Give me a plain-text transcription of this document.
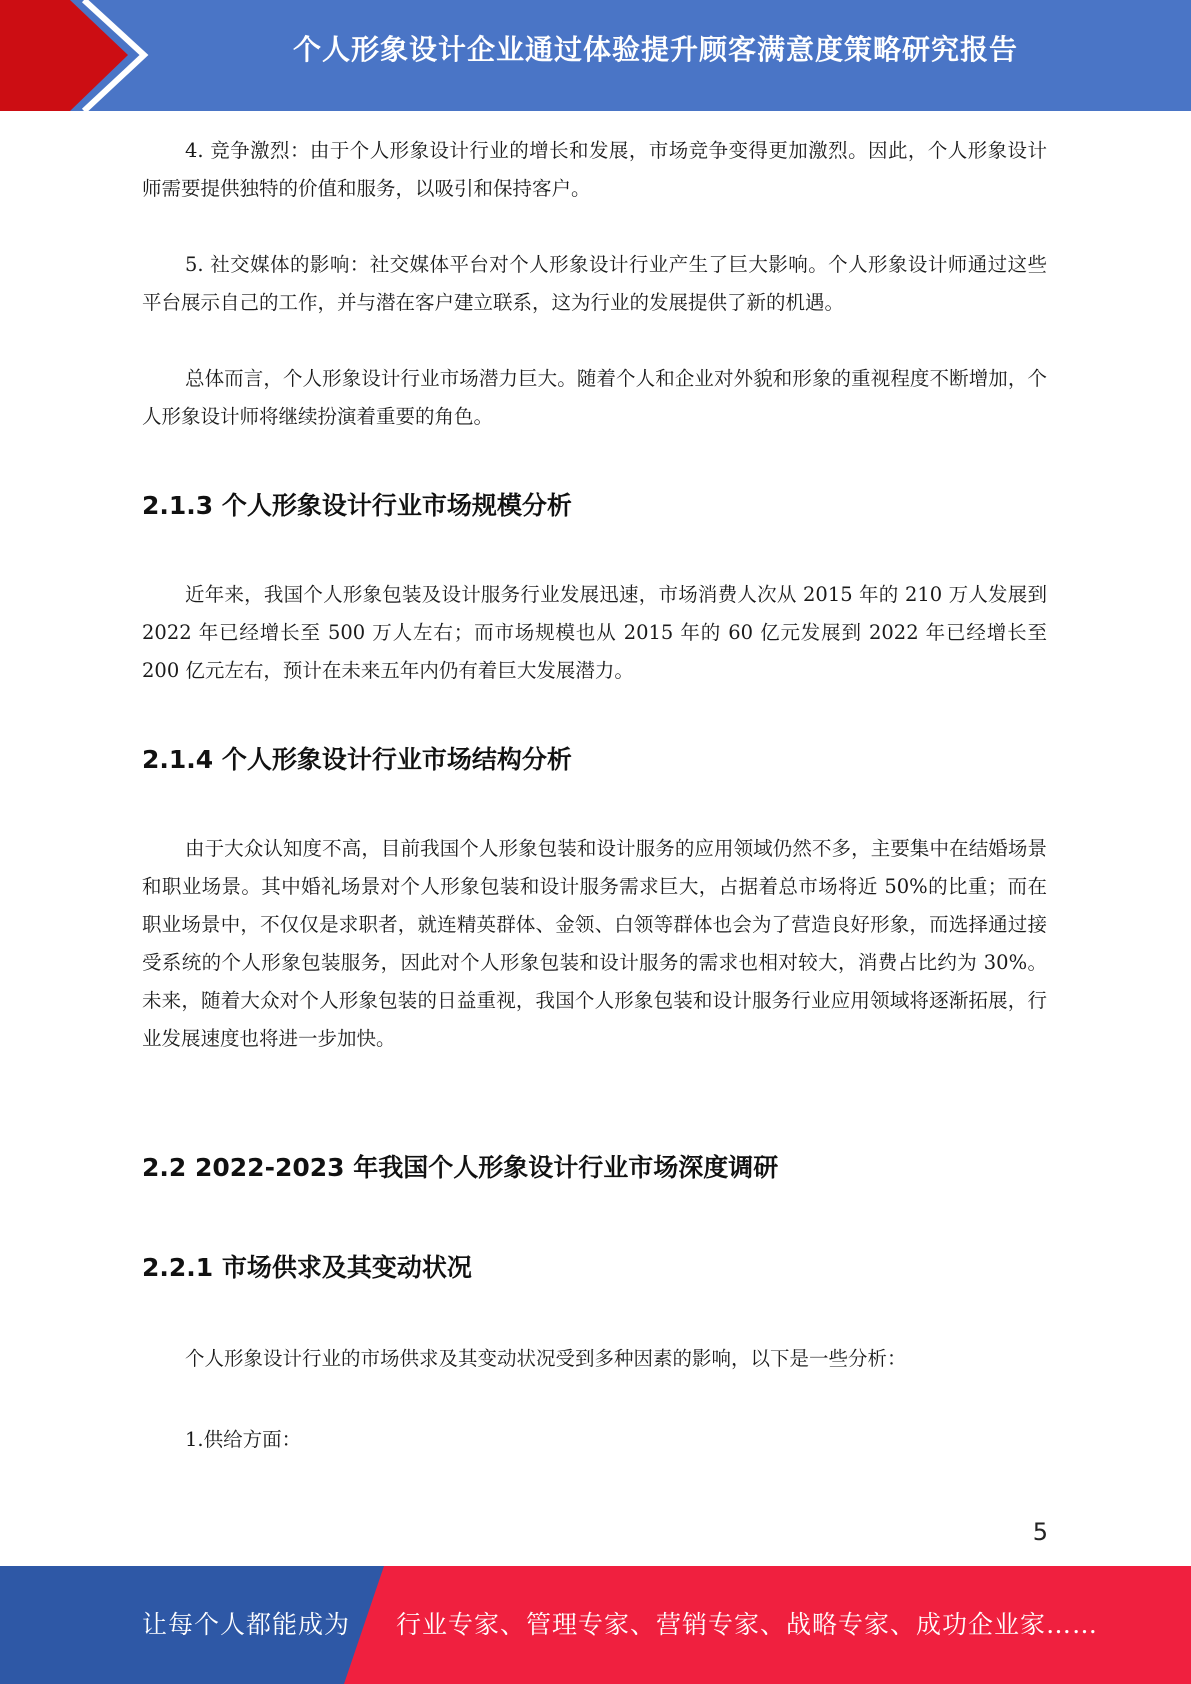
个人形象设计企业通过体验提升顾客满意度策略研究报告

4. 竞争激烈：由于个人形象设计行业的增长和发展，市场竞争变得更加激烈。因此，个人形象设计师需要提供独特的价值和服务，以吸引和保持客户。

5. 社交媒体的影响：社交媒体平台对个人形象设计行业产生了巨大影响。个人形象设计师通过这些平台展示自己的工作，并与潜在客户建立联系，这为行业的发展提供了新的机遇。

总体而言，个人形象设计行业市场潜力巨大。随着个人和企业对外貌和形象的重视程度不断增加，个人形象设计师将继续扮演着重要的角色。

2.1.3 个人形象设计行业市场规模分析

近年来，我国个人形象包装及设计服务行业发展迅速，市场消费人次从 2015 年的 210 万人发展到 2022 年已经增长至 500 万人左右；而市场规模也从 2015 年的 60 亿元发展到 2022 年已经增长至 200 亿元左右，预计在未来五年内仍有着巨大发展潜力。

2.1.4 个人形象设计行业市场结构分析

由于大众认知度不高，目前我国个人形象包装和设计服务的应用领域仍然不多，主要集中在结婚场景和职业场景。其中婚礼场景对个人形象包装和设计服务需求巨大，占据着总市场将近 50%的比重；而在职业场景中，不仅仅是求职者，就连精英群体、金领、白领等群体也会为了营造良好形象，而选择通过接受系统的个人形象包装服务，因此对个人形象包装和设计服务的需求也相对较大，消费占比约为 30%。未来，随着大众对个人形象包装的日益重视，我国个人形象包装和设计服务行业应用领域将逐渐拓展，行业发展速度也将进一步加快。

2.2 2022-2023 年我国个人形象设计行业市场深度调研
2.2.1 市场供求及其变动状况

个人形象设计行业的市场供求及其变动状况受到多种因素的影响，以下是一些分析：

1.供给方面：

5
让每个人都能成为 行业专家、管理专家、营销专家、战略专家、成功企业家……
